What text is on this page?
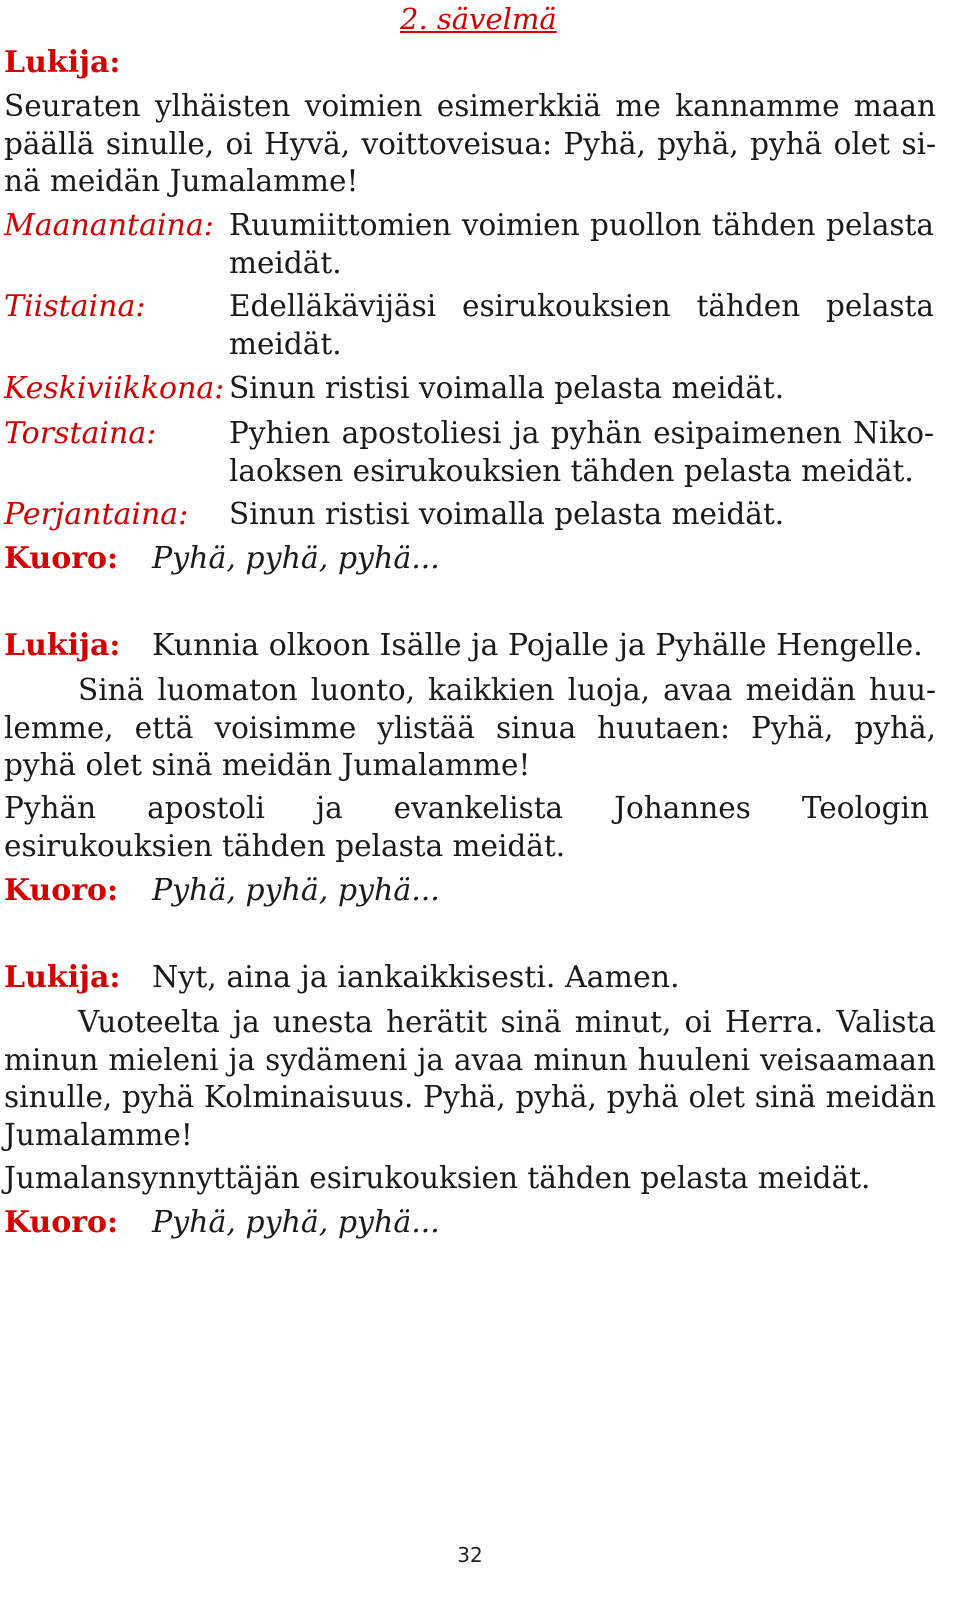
2. sävelmä
Lukija:
Seuraten ylhäisten voimien esimerkkiä me kannamme maan päällä sinulle, oi Hyvä, voittoveisua: Pyhä, pyhä, pyhä olet sinä meidän Jumalamme!
Maanantaina: Ruumiittomien voimien puollon tähden pelasta meidät.
Tiistaina:	Edelläkävijäsi esirukouksien tähden pelasta meidät.
Keskiviikkona: Sinun ristisi voimalla pelasta meidät.
Torstaina: Pyhien apostoliesi ja pyhän esipaimenen Nikolaoksen esirukouksien tähden pelasta meidät.
Perjantaina: Sinun ristisi voimalla pelasta meidät.
Kuoro: Pyhä, pyhä, pyhä...
Lukija: Kunnia olkoon Isälle ja Pojalle ja Pyhälle Hengelle.
Sinä luomaton luonto, kaikkien luoja, avaa meidän huulemme, että voisimme ylistää sinua huutaen: Pyhä, pyhä, pyhä olet sinä meidän Jumalamme!
Pyhän apostoli ja evankelista Johannes Teologin esirukouksien tähden pelasta meidät.
Kuoro: Pyhä, pyhä, pyhä...
Lukija: Nyt, aina ja iankaikkisesti. Aamen.
Vuoteelta ja unesta herätit sinä minut, oi Herra. Valista minun mieleni ja sydämeni ja avaa minun huuleni veisaamaan sinulle, pyhä Kolminaisuus. Pyhä, pyhä, pyhä olet sinä meidän Jumalamme!
Jumalansynnyttäjän esirukouksien tähden pelasta meidät.
Kuoro: Pyhä, pyhä, pyhä...
32
